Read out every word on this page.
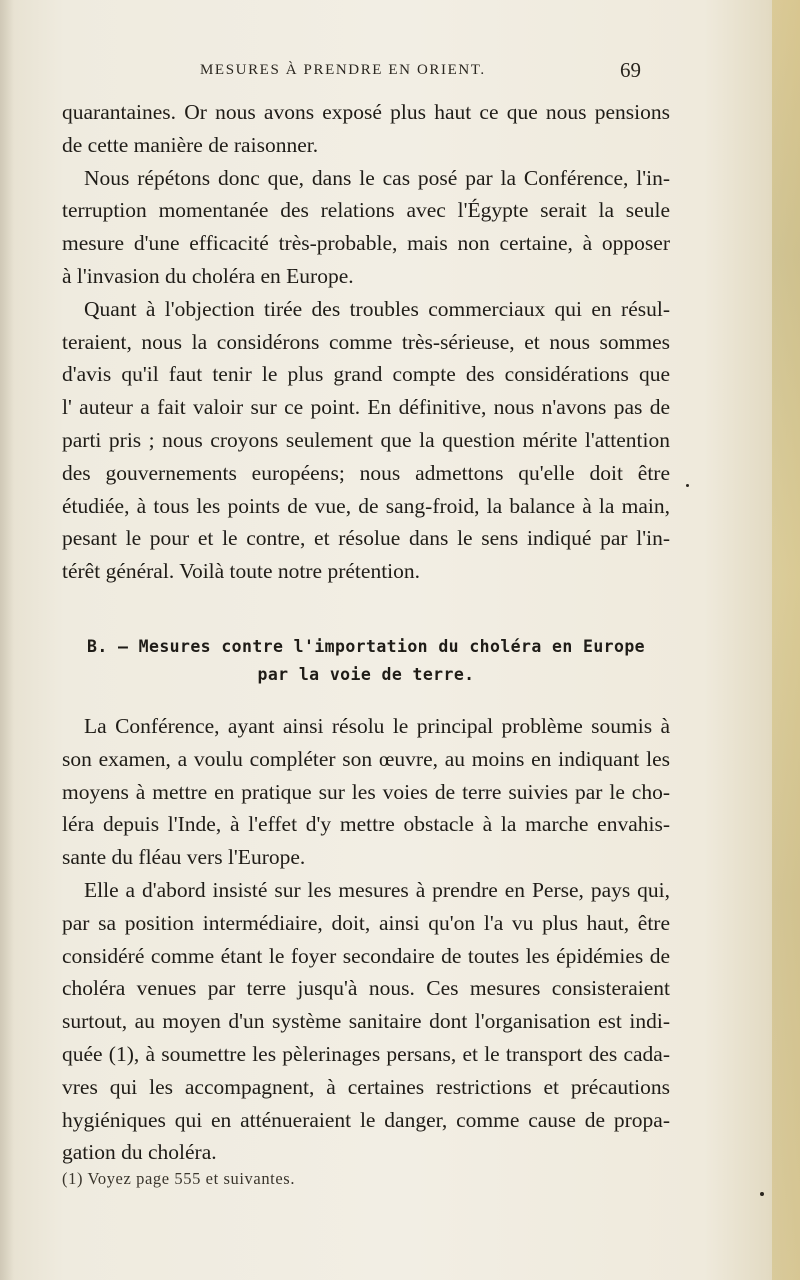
MESURES À PRENDRE EN ORIENT.	69
quarantaines. Or nous avons exposé plus haut ce que nous pensions
de cette manière de raisonner.
Nous répétons donc que, dans le cas posé par la Conférence, l'in-
terruption momentanée des relations avec l'Égypte serait la seule
mesure d'une efficacité très-probable, mais non certaine, à opposer
à l'invasion du choléra en Europe.
Quant à l'objection tirée des troubles commerciaux qui en résul-
teraient, nous la considérons comme très-sérieuse, et nous sommes
d'avis qu'il faut tenir le plus grand compte des considérations que
l' auteur a fait valoir sur ce point. En définitive, nous n'avons pas de
parti pris ; nous croyons seulement que la question mérite l'attention
des gouvernements européens; nous admettons qu'elle doit être
étudiée, à tous les points de vue, de sang-froid, la balance à la main,
pesant le pour et le contre, et résolue dans le sens indiqué par l'in-
térêt général. Voilà toute notre prétention.
B. — Mesures contre l'importation du choléra en Europe
par la voie de terre.
La Conférence, ayant ainsi résolu le principal problème soumis à
son examen, a voulu compléter son œuvre, au moins en indiquant les
moyens à mettre en pratique sur les voies de terre suivies par le cho-
léra depuis l'Inde, à l'effet d'y mettre obstacle à la marche envahis-
sante du fléau vers l'Europe.
Elle a d'abord insisté sur les mesures à prendre en Perse, pays qui,
par sa position intermédiaire, doit, ainsi qu'on l'a vu plus haut, être
considéré comme étant le foyer secondaire de toutes les épidémies de
choléra venues par terre jusqu'à nous. Ces mesures consisteraient
surtout, au moyen d'un système sanitaire dont l'organisation est indi-
quée (1), à soumettre les pèlerinages persans, et le transport des cada-
vres qui les accompagnent, à certaines restrictions et précautions
hygiéniques qui en atténueraient le danger, comme cause de propa-
gation du choléra.
(1) Voyez page 555 et suivantes.
